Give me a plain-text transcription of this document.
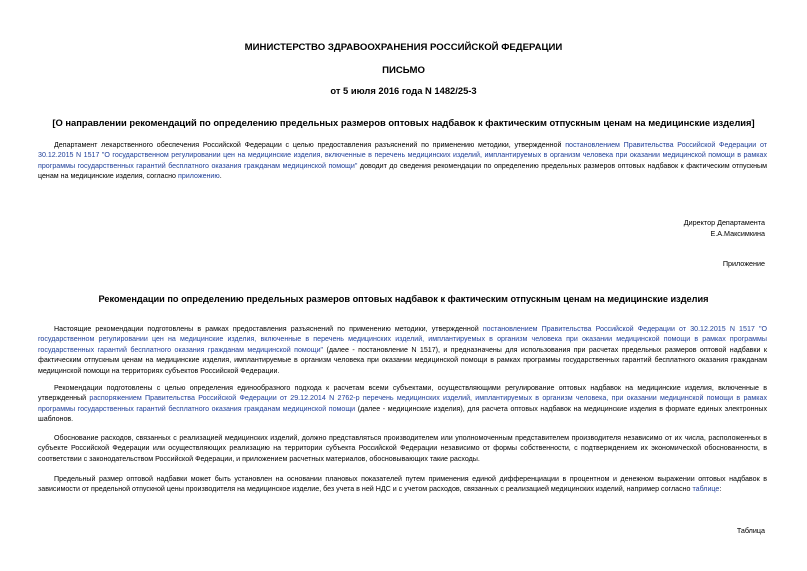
МИНИСТЕРСТВО ЗДРАВООХРАНЕНИЯ РОССИЙСКОЙ ФЕДЕРАЦИИ
ПИСЬМО
от 5 июля 2016 года N 1482/25-3
[О направлении рекомендаций по определению предельных размеров оптовых надбавок к фактическим отпускным ценам на медицинские изделия]
Департамент лекарственного обеспечения Российской Федерации с целью предоставления разъяснений по применению методики, утвержденной постановлением Правительства Российской Федерации от 30.12.2015 N 1517 "О государственном регулировании цен на медицинские изделия, включенные в перечень медицинских изделий, имплантируемых в организм человека при оказании медицинской помощи в рамках программы государственных гарантий бесплатного оказания гражданам медицинской помощи" доводит до сведения рекомендации по определению предельных размеров оптовых надбавок к фактическим отпускным ценам на медицинские изделия, согласно приложению.
Директор Департамента
Е.А.Максимкина
Приложение
Рекомендации по определению предельных размеров оптовых надбавок к фактическим отпускным ценам на медицинские изделия
Настоящие рекомендации подготовлены в рамках предоставления разъяснений по применению методики, утвержденной постановлением Правительства Российской Федерации от 30.12.2015 N 1517 "О государственном регулировании цен на медицинские изделия, включенные в перечень медицинских изделий, имплантируемых в организм человека при оказании медицинской помощи в рамках программы государственных гарантий бесплатного оказания гражданам медицинской помощи" (далее - постановление N 1517), и предназначены для использования при расчетах предельных размеров оптовой надбавки к фактическим отпускным ценам на медицинские изделия, имплантируемые в организм человека при оказании медицинской помощи в рамках программы государственных гарантий бесплатного оказания гражданам медицинской помощи на территориях субъектов Российской Федерации.
Рекомендации подготовлены с целью определения единообразного подхода к расчетам всеми субъектами, осуществляющими регулирование оптовых надбавок на медицинские изделия, включенные в утвержденный распоряжением Правительства Российской Федерации от 29.12.2014 N 2762-р перечень медицинских изделий, имплантируемых в организм человека, при оказании медицинской помощи в рамках программы государственных гарантий бесплатного оказания гражданам медицинской помощи (далее - медицинские изделия), для расчета оптовых надбавок на медицинские изделия в формате единых электронных шаблонов.
Обоснование расходов, связанных с реализацией медицинских изделий, должно представляться производителем или уполномоченным представителем производителя независимо от их числа, расположенных в субъекте Российской Федерации или осуществляющих реализацию на территории субъекта Российской Федерации независимо от формы собственности, с подтверждением их экономической обоснованности, в соответствии с законодательством Российской Федерации, и приложением расчетных материалов, обосновывающих такие расходы.
Предельный размер оптовой надбавки может быть установлен на основании плановых показателей путем применения единой дифференциации в процентном и денежном выражении оптовых надбавок в зависимости от предельной отпускной цены производителя на медицинское изделие, без учета в ней НДС и с учетом расходов, связанных с реализацией медицинских изделий, например согласно таблице:
Таблица
